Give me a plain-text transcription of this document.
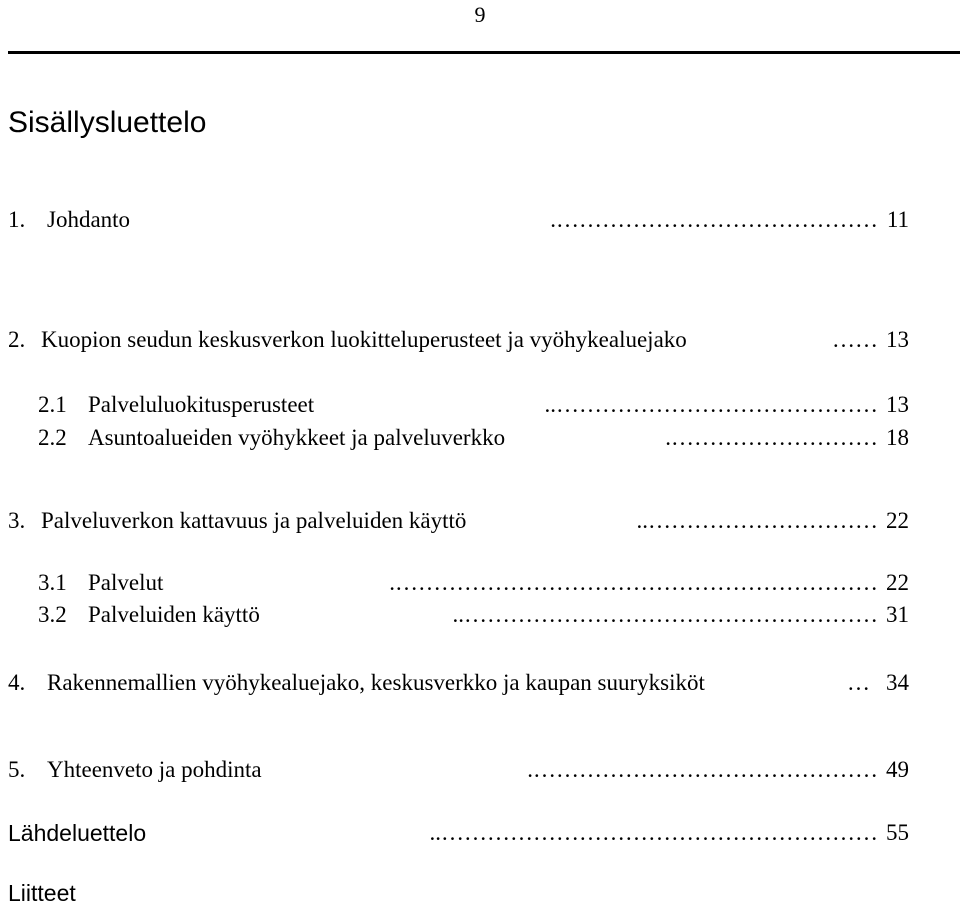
9
Sisällysluettelo
1. Johdanto	……………………………………. 11
2. Kuopion seudun keskusverkon luokitteluperusteet ja vyöhykealuejako	…… 13
2.1 Palveluluokitusperusteet	…………………………………….. 13
2.2 Asuntoalueiden vyöhykkeet ja palveluverkko	………………………. 18
3. Palveluverkon kattavuus ja palveluiden käyttö	………………………….. 22
3.1 Palvelut	………………………………………………………. 22
3.2 Palveluiden käyttö	……………………………………………….. 31
4. Rakennemallien vyöhykealuejako, keskusverkko ja kaupan suuryksiköt	… 34
5. Yhteenveto ja pohdinta	………………………………………. 49
Lähdeluettelo	………………………………………………….. 55
Liitteet
